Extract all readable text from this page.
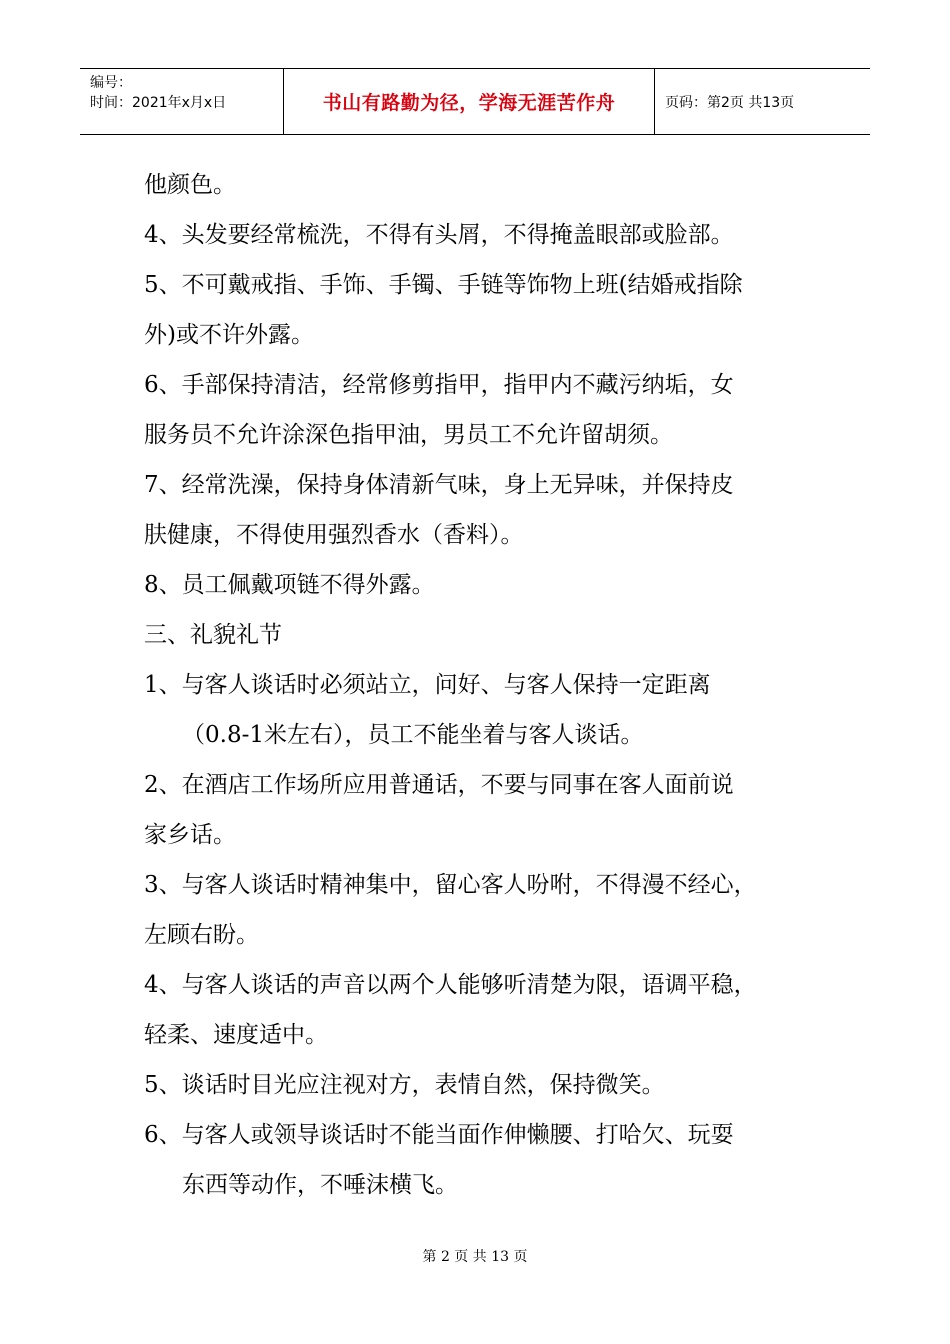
编号：
时间：2021年x月x日	书山有路勤为径，学海无涯苦作舟	页码：第2页 共13页
他颜色。
4、头发要经常梳洗，不得有头屑，不得掩盖眼部或脸部。
5、不可戴戒指、手饰、手镯、手链等饰物上班(结婚戒指除
外)或不许外露。
6、手部保持清洁，经常修剪指甲，指甲内不藏污纳垢，女
服务员不允许涂深色指甲油，男员工不允许留胡须。
7、经常洗澡，保持身体清新气味，身上无异味，并保持皮
肤健康，不得使用强烈香水（香料）。
8、员工佩戴项链不得外露。
三、礼貌礼节
1、与客人谈话时必须站立，问好、与客人保持一定距离
（0.8-1米左右），员工不能坐着与客人谈话。
2、在酒店工作场所应用普通话，不要与同事在客人面前说
家乡话。
3、与客人谈话时精神集中，留心客人吩咐，不得漫不经心，
左顾右盼。
4、与客人谈话的声音以两个人能够听清楚为限，语调平稳，
轻柔、速度适中。
5、谈话时目光应注视对方，表情自然，保持微笑。
6、与客人或领导谈话时不能当面作伸懒腰、打哈欠、玩耍
东西等动作，不唾沫横飞。
第 2 页 共 13 页
